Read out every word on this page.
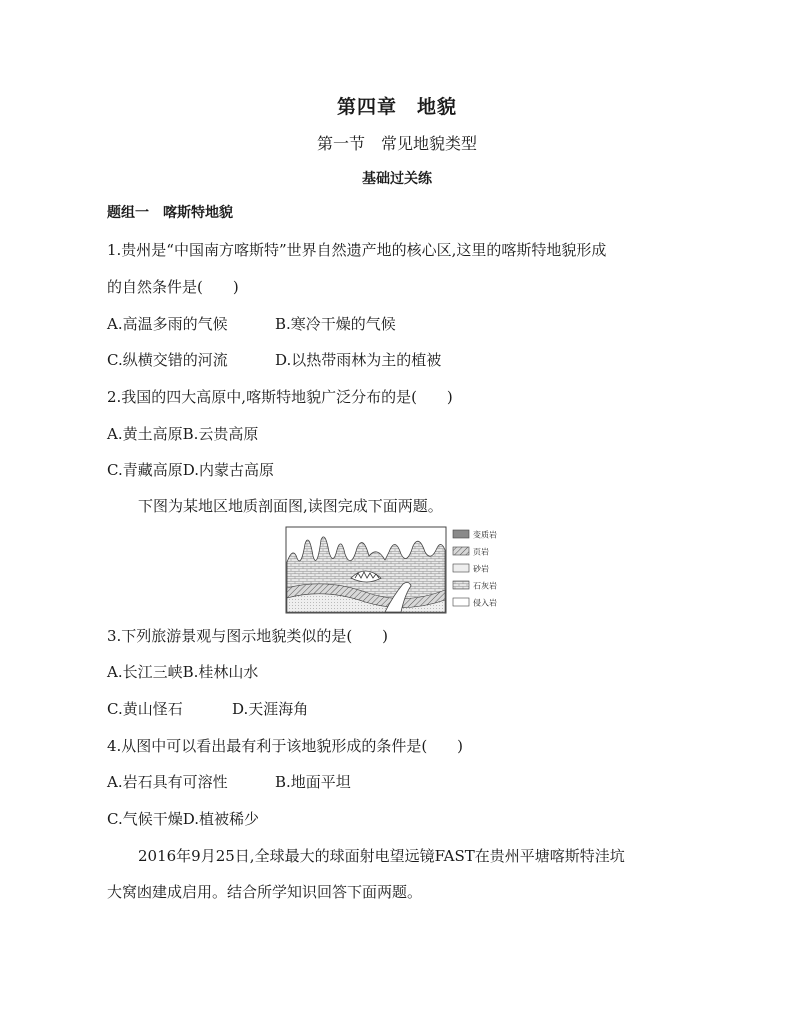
第四章　地貌
第一节　常见地貌类型
基础过关练
题组一　喀斯特地貌
1.贵州是“中国南方喀斯特”世界自然遗产地的核心区,这里的喀斯特地貌形成
的自然条件是(　　)
A.高温多雨的气候	B.寒冷干燥的气候
C.纵横交错的河流	D.以热带雨林为主的植被
2.我国的四大高原中,喀斯特地貌广泛分布的是(　　)
A.黄土高原B.云贵高原
C.青藏高原D.内蒙古高原
下图为某地区地质剖面图,读图完成下面两题。
变质岩
页岩
砂岩
石灰岩
侵入岩
3.下列旅游景观与图示地貌类似的是(　　)
A.长江三峡B.桂林山水
C.黄山怪石	D.天涯海角
4.从图中可以看出最有利于该地貌形成的条件是(　　)
A.岩石具有可溶性	B.地面平坦
C.气候干燥D.植被稀少
2016年9月25日,全球最大的球面射电望远镜FAST在贵州平塘喀斯特洼坑
大窝凼建成启用。结合所学知识回答下面两题。
